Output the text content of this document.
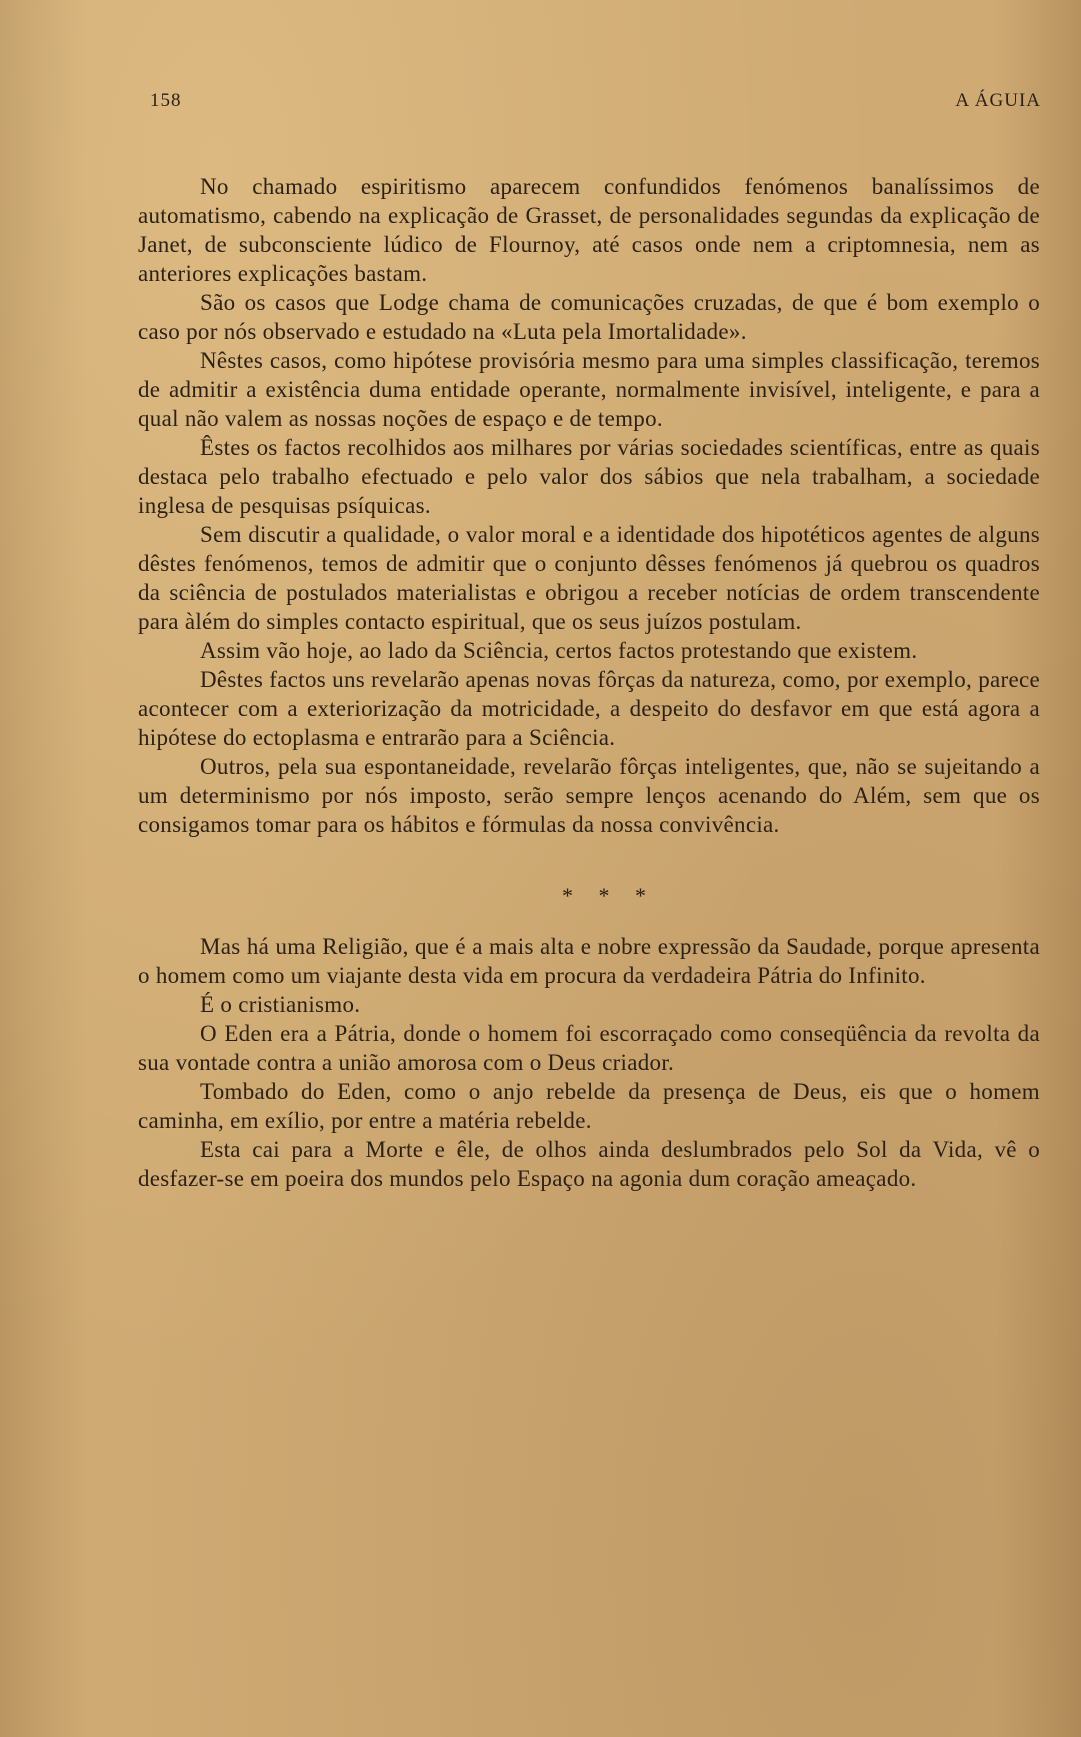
158	A ÁGUIA

No chamado espiritismo aparecem confundidos fenómenos banalíssimos de automatismo, cabendo na explicação de Grasset, de personalidades segundas da explicação de Janet, de subconsciente lúdico de Flournoy, até casos onde nem a criptomnesia, nem as anteriores explicações bastam.

São os casos que Lodge chama de comunicações cruzadas, de que é bom exemplo o caso por nós observado e estudado na «Luta pela Imortalidade».

Nêstes casos, como hipótese provisória mesmo para uma simples classificação, teremos de admitir a existência duma entidade operante, normalmente invisível, inteligente, e para a qual não valem as nossas noções de espaço e de tempo.

Êstes os factos recolhidos aos milhares por várias sociedades scientíficas, entre as quais destaca pelo trabalho efectuado e pelo valor dos sábios que nela trabalham, a sociedade inglesa de pesquisas psíquicas.

Sem discutir a qualidade, o valor moral e a identidade dos hipotéticos agentes de alguns dêstes fenómenos, temos de admitir que o conjunto dêsses fenómenos já quebrou os quadros da sciência de postulados materialistas e obrigou a receber notícias de ordem transcendente para àlém do simples contacto espiritual, que os seus juízos postulam.

Assim vão hoje, ao lado da Sciência, certos factos protestando que existem.

Dêstes factos uns revelarão apenas novas fôrças da natureza, como, por exemplo, parece acontecer com a exteriorização da motricidade, a despeito do desfavor em que está agora a hipótese do ectoplasma e entrarão para a Sciência.

Outros, pela sua espontaneidade, revelarão fôrças inteligentes, que, não se sujeitando a um determinismo por nós imposto, serão sempre lenços acenando do Além, sem que os consigamos tomar para os hábitos e fórmulas da nossa convivência.

* * *

Mas há uma Religião, que é a mais alta e nobre expressão da Saudade, porque apresenta o homem como um viajante desta vida em procura da verdadeira Pátria do Infinito.

É o cristianismo.

O Eden era a Pátria, donde o homem foi escorraçado como conseqüência da revolta da sua vontade contra a união amorosa com o Deus criador.

Tombado do Eden, como o anjo rebelde da presença de Deus, eis que o homem caminha, em exílio, por entre a matéria rebelde.

Esta cai para a Morte e êle, de olhos ainda deslumbrados pelo Sol da Vida, vê o desfazer-se em poeira dos mundos pelo Espaço na agonia dum coração ameaçado.
